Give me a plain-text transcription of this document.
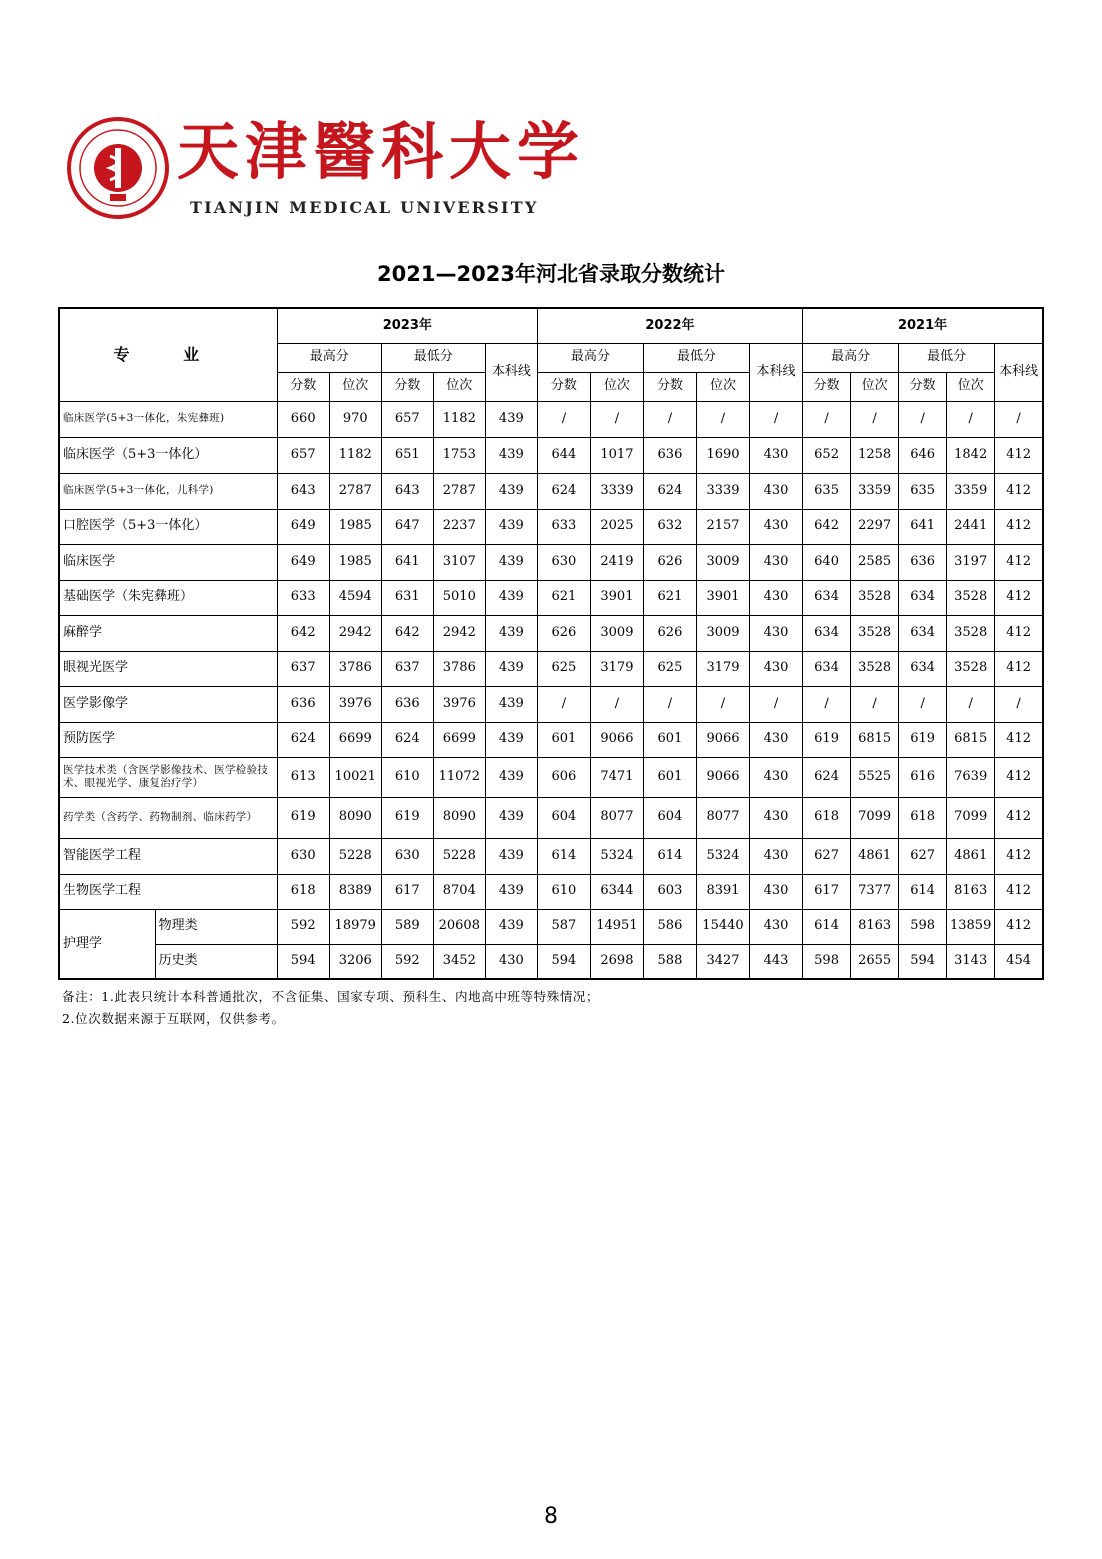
天津醫科大学
TIANJIN MEDICAL UNIVERSITY
2021—2023年河北省录取分数统计
专 业		2023年					2022年					2021年				
		最高分		最低分		本科线	最高分		最低分		本科线	最高分		最低分		本科线
		分数	位次	分数	位次		分数	位次	分数	位次		分数	位次	分数	位次	
临床医学(5+3一体化，朱宪彝班)		660	970	657	1182	439	/	/	/	/	/	/	/	/	/	/
临床医学（5+3一体化）		657	1182	651	1753	439	644	1017	636	1690	430	652	1258	646	1842	412
临床医学(5+3一体化，儿科学)		643	2787	643	2787	439	624	3339	624	3339	430	635	3359	635	3359	412
口腔医学（5+3一体化）		649	1985	647	2237	439	633	2025	632	2157	430	642	2297	641	2441	412
临床医学		649	1985	641	3107	439	630	2419	626	3009	430	640	2585	636	3197	412
基础医学（朱宪彝班）		633	4594	631	5010	439	621	3901	621	3901	430	634	3528	634	3528	412
麻醉学		642	2942	642	2942	439	626	3009	626	3009	430	634	3528	634	3528	412
眼视光医学		637	3786	637	3786	439	625	3179	625	3179	430	634	3528	634	3528	412
医学影像学		636	3976	636	3976	439	/	/	/	/	/	/	/	/	/	/
预防医学		624	6699	624	6699	439	601	9066	601	9066	430	619	6815	619	6815	412
医学技术类（含医学影像技术、医学检验技术、眼视光学、康复治疗学）		613	10021	610	11072	439	606	7471	601	9066	430	624	5525	616	7639	412
药学类（含药学、药物制剂、临床药学）		619	8090	619	8090	439	604	8077	604	8077	430	618	7099	618	7099	412
智能医学工程		630	5228	630	5228	439	614	5324	614	5324	430	627	4861	627	4861	412
生物医学工程		618	8389	617	8704	439	610	6344	603	8391	430	617	7377	614	8163	412
护理学	物理类	592	18979	589	20608	439	587	14951	586	15440	430	614	8163	598	13859	412
	历史类	594	3206	592	3452	430	594	2698	588	3427	443	598	2655	594	3143	454
备注：1.此表只统计本科普通批次，不含征集、国家专项、预科生、内地高中班等特殊情况；
2.位次数据来源于互联网，仅供参考。
8
